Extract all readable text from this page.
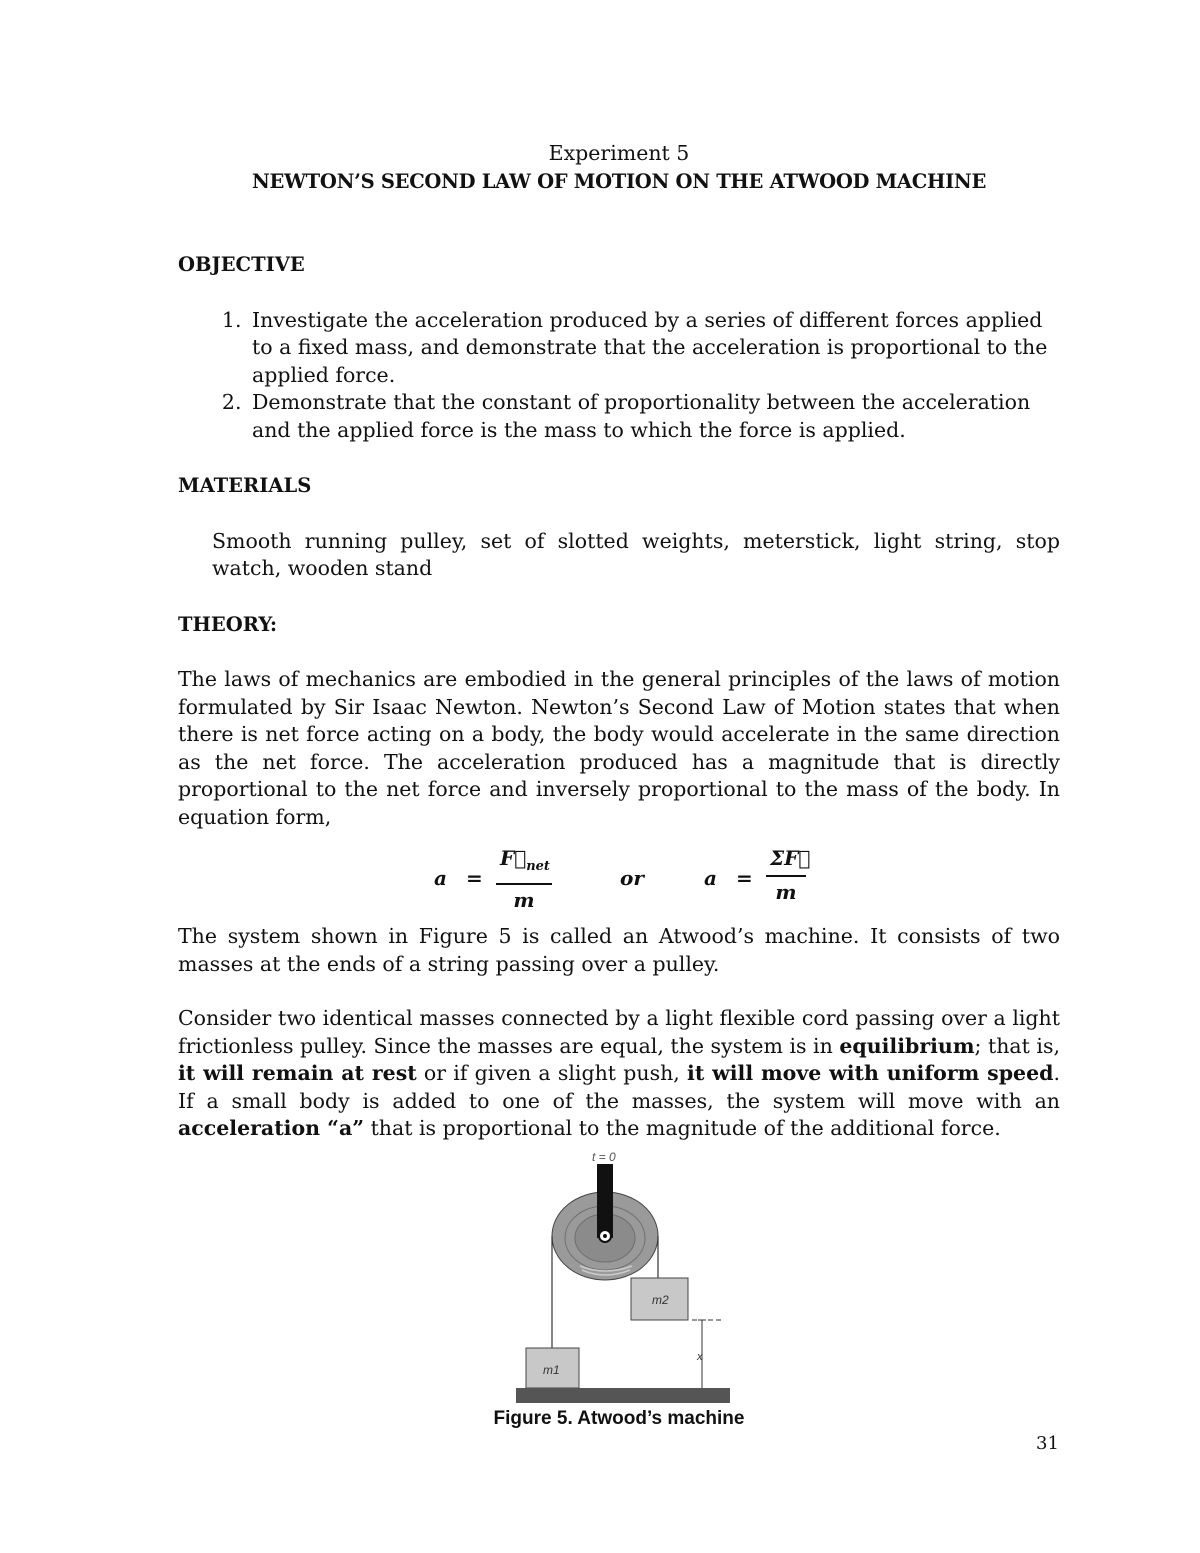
Experiment 5

NEWTON’S SECOND LAW OF MOTION ON THE ATWOOD MACHINE

OBJECTIVE

1. Investigate the acceleration produced by a series of different forces applied to a fixed mass, and demonstrate that the acceleration is proportional to the applied force.
2. Demonstrate that the constant of proportionality between the acceleration and the applied force is the mass to which the force is applied.

MATERIALS

Smooth running pulley, set of slotted weights, meterstick, light string, stop watch, wooden stand

THEORY:

The laws of mechanics are embodied in the general principles of the laws of motion formulated by Sir Isaac Newton. Newton’s Second Law of Motion states that when there is net force acting on a body, the body would accelerate in the same direction as the net force. The acceleration produced has a magnitude that is directly proportional to the net force and inversely proportional to the mass of the body. In equation form,

a =
$F⃗_{net}$
m
or	$a = \frac{\Sigma F⃗}{m}$

The system shown in Figure 5 is called an Atwood’s machine. It consists of two masses at the ends of a string passing over a pulley.

Consider two identical masses connected by a light flexible cord passing over a light frictionless pulley. Since the masses are equal, the system is in equilibrium; that is, it will remain at rest or if given a slight push, it will move with uniform speed. If a small body is added to one of the masses, the system will move with an acceleration “a” that is proportional to the magnitude of the additional force.

t = 0
m2
x
m1
Figure 5. Atwood’s machine
31
